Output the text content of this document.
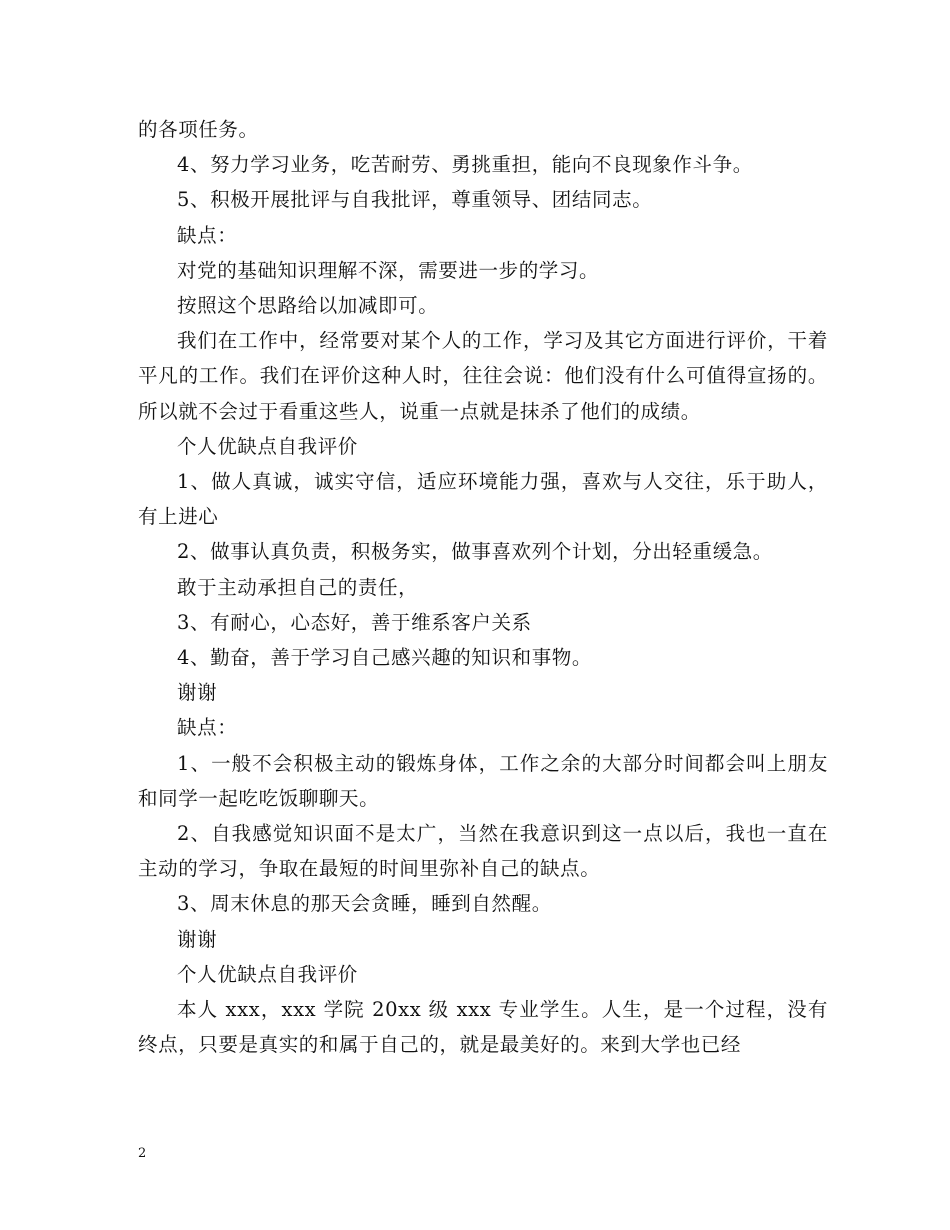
的各项任务。

4、努力学习业务，吃苦耐劳、勇挑重担，能向不良现象作斗争。

5、积极开展批评与自我批评，尊重领导、团结同志。

缺点：

对党的基础知识理解不深，需要进一步的学习。

按照这个思路给以加减即可。

我们在工作中，经常要对某个人的工作，学习及其它方面进行评价，干着平凡的工作。我们在评价这种人时，往往会说：他们没有什么可值得宣扬的。所以就不会过于看重这些人，说重一点就是抹杀了他们的成绩。

个人优缺点自我评价

1、做人真诚，诚实守信，适应环境能力强，喜欢与人交往，乐于助人，有上进心

2、做事认真负责，积极务实，做事喜欢列个计划，分出轻重缓急。

敢于主动承担自己的责任，

3、有耐心，心态好，善于维系客户关系

4、勤奋，善于学习自己感兴趣的知识和事物。

谢谢

缺点：

1、一般不会积极主动的锻炼身体，工作之余的大部分时间都会叫上朋友和同学一起吃吃饭聊聊天。

2、自我感觉知识面不是太广，当然在我意识到这一点以后，我也一直在主动的学习，争取在最短的时间里弥补自己的缺点。

3、周末休息的那天会贪睡，睡到自然醒。

谢谢

个人优缺点自我评价

本人 xxx，xxx 学院 20xx 级 xxx 专业学生。人生，是一个过程，没有终点，只要是真实的和属于自己的，就是最美好的。来到大学也已经

2
